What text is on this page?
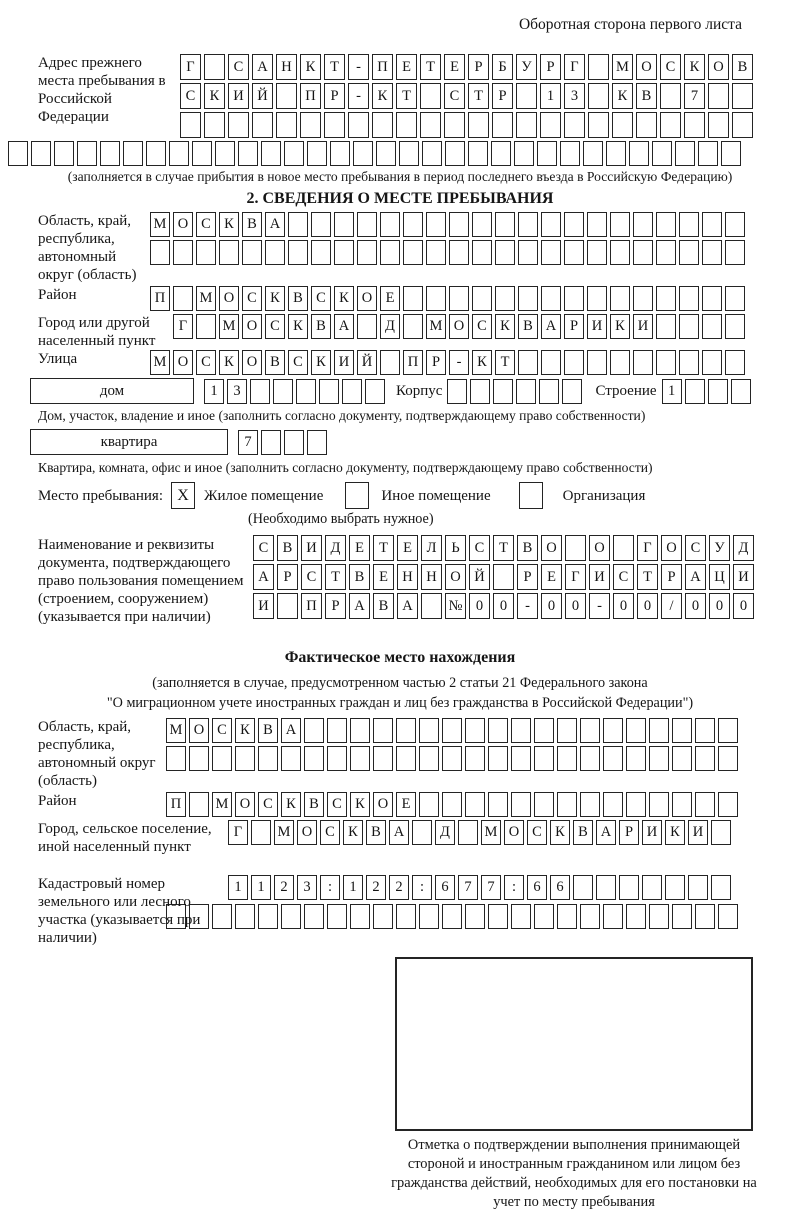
Оборотная сторона первого листа
Адрес прежнего места пребывания в Российской Федерации
Г	С А Н К	Т	-	П Е	Т	Е	Р	Б	У	Р	Г	М О С К О В
С К И Й	П	Р	-	К	Т	С	Т	Р	1	3	К В	7
(заполняется в случае прибытия в новое место пребывания в период последнего въезда в Российскую Федерацию)
2. СВЕДЕНИЯ О МЕСТЕ ПРЕБЫВАНИЯ
Область, край, республика, автономный округ (область)
М О С К В А
Район	П	М О С К В С К О Е
Город или другой населенный пункт
Г	М О С К В А	Д	М О С К В А Р И К И
Улица	М О С К О В С К И Й	П Р	-	К Т
дом	1	3	Корпус	Строение 1
Дом, участок, владение и иное (заполнить согласно документу, подтверждающему право собственности)
квартира	7
Квартира, комната, офис и иное (заполнить согласно документу, подтверждающему право собственности)
Место пребывания: X	Жилое помещение	Иное помещение	Организация
(Необходимо выбрать нужное)
Наименование и реквизиты документа, подтверждающего право пользования помещением (строением, сооружением) (указывается при наличии)
С В И Д	Е	Т	Е	Л	Ь	С	Т	В О	О	Г	О С У Д
А	Р	С	Т	В	Е Н Н О Й	Р	Е	Г	И С	Т	Р	А Ц И
И	П	Р	А В А	№ 0	0	-	0	0	-	0	0	/	0	0	0
Фактическое место нахождения
(заполняется в случае, предусмотренном частью 2 статьи 21 Федерального закона
"О миграционном учете иностранных граждан и лиц без гражданства в Российской Федерации")
Область, край, республика, автономный округ (область)
М О С К В А
Район	П	М О С К В С К О Е
Город, сельское поселение, иной населенный пункт
Г	М О С К В А	Д	М О С К В А Р И К И
Кадастровый номер земельного или лесного участка (указывается при наличии)
1	1	2	3	:	1	2	2	:	6	7	7	:	6	6
Отметка о подтверждении выполнения принимающей стороной и иностранным гражданином или лицом без гражданства действий, необходимых для его постановки на учет по месту пребывания
